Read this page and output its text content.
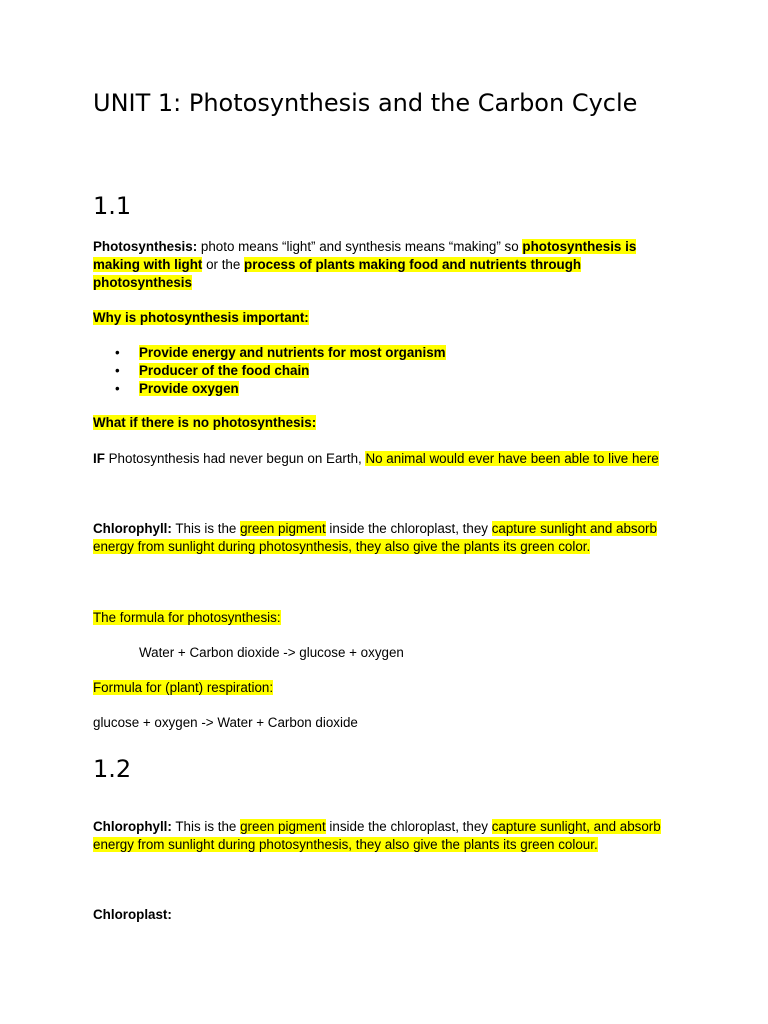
UNIT 1: Photosynthesis and the Carbon Cycle
1.1
Photosynthesis: photo means “light” and synthesis means “making” so photosynthesis is making with light or the process of plants making food and nutrients through photosynthesis
Why is photosynthesis important:
• Provide energy and nutrients for most organism
• Producer of the food chain
• Provide oxygen
What if there is no photosynthesis:
IF Photosynthesis had never begun on Earth, No animal would ever have been able to live here
Chlorophyll: This is the green pigment inside the chloroplast, they capture sunlight and absorb energy from sunlight during photosynthesis, they also give the plants its green color.
The formula for photosynthesis:
Water + Carbon dioxide -> glucose + oxygen
Formula for (plant) respiration:
glucose + oxygen -> Water + Carbon dioxide
1.2
Chlorophyll: This is the green pigment inside the chloroplast, they capture sunlight, and absorb energy from sunlight during photosynthesis, they also give the plants its green colour.
Chloroplast:
